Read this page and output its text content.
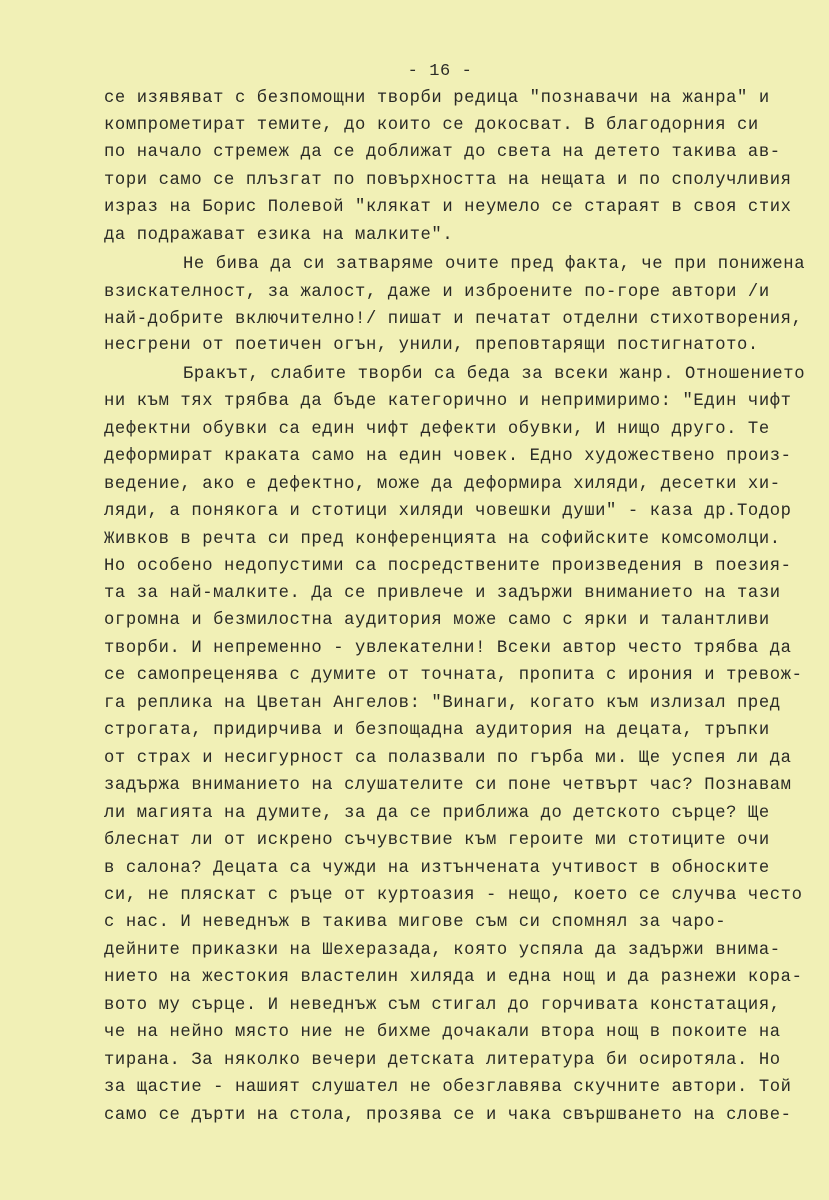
- 16 -
се изявяват с безпомощни творби редица "познавачи на жанра" и
компрометират темите, до които се докосват. В благодорния си
по начало стремеж да се доближат до света на детето такива ав-
тори само се плъзгат по повърхността на нещата и по сполучливия
израз на Борис Полевой "клякат и неумело се стараят в своя стих
да подражават езика на малките".
Не бива да си затваряме очите пред факта, че при понижена
взискателност, за жалост, даже и изброените по-горе автори /и
най-добрите включително!/ пишат и печатат отделни стихотворения,
несгрени от поетичен огън, унили, преповтарящи постигнатото.
Бракът, слабите творби са беда за всеки жанр. Отношението
ни към тях трябва да бъде категорично и непримиримо: "Един чифт
дефектни обувки са един чифт дефекти обувки, И нищо друго. Те
деформират краката само на един човек. Едно художествено произ-
ведение, ако е дефектно, може да деформира хиляди, десетки хи-
ляди, а понякога и стотици хиляди човешки души" - каза др.Тодор
Живков в речта си пред конференцията на софийските комсомолци.
Но особено недопустими са посредствените произведения в поезия-
та за най-малките. Да се привлече и задържи вниманието на тази
огромна и безмилостна аудитория може само с ярки и талантливи
творби. И непременно - увлекателни! Всеки автор често трябва да
се самопреценява с думите от точната, пропита с ирония и тревож-
га реплика на Цветан Ангелов: "Винаги, когато към излизал пред
строгата, придирчива и безпощадна аудитория на децата, тръпки
от страх и несигурност са полазвали по гърба ми. Ще успея ли да
задържа вниманието на слушателите си поне четвърт час? Познавам
ли магията на думите, за да се приближа до детското сърце? Ще
блеснат ли от искрено съчувствие към героите ми стотиците очи
в салона? Децата са чужди на изтънчената учтивост в обноските
си, не пляскат с ръце от куртоазия - нещо, което се случва често
с нас. И неведнъж в такива мигове съм си спомнял за чаро-
дейните приказки на Шехеразада, която успяла да задържи внима-
нието на жестокия властелин хиляда и една нощ и да разнежи кора-
вото му сърце. И неведнъж съм стигал до горчивата констатация,
че на нейно място ние не бихме дочакали втора нощ в покоите на
тирана. За няколко вечери детската литература би осиротяла. Но
за щастие - нашият слушател не обезглавява скучните автори. Той
само се дърти на стола, прозява се и чака свършването на слове-
